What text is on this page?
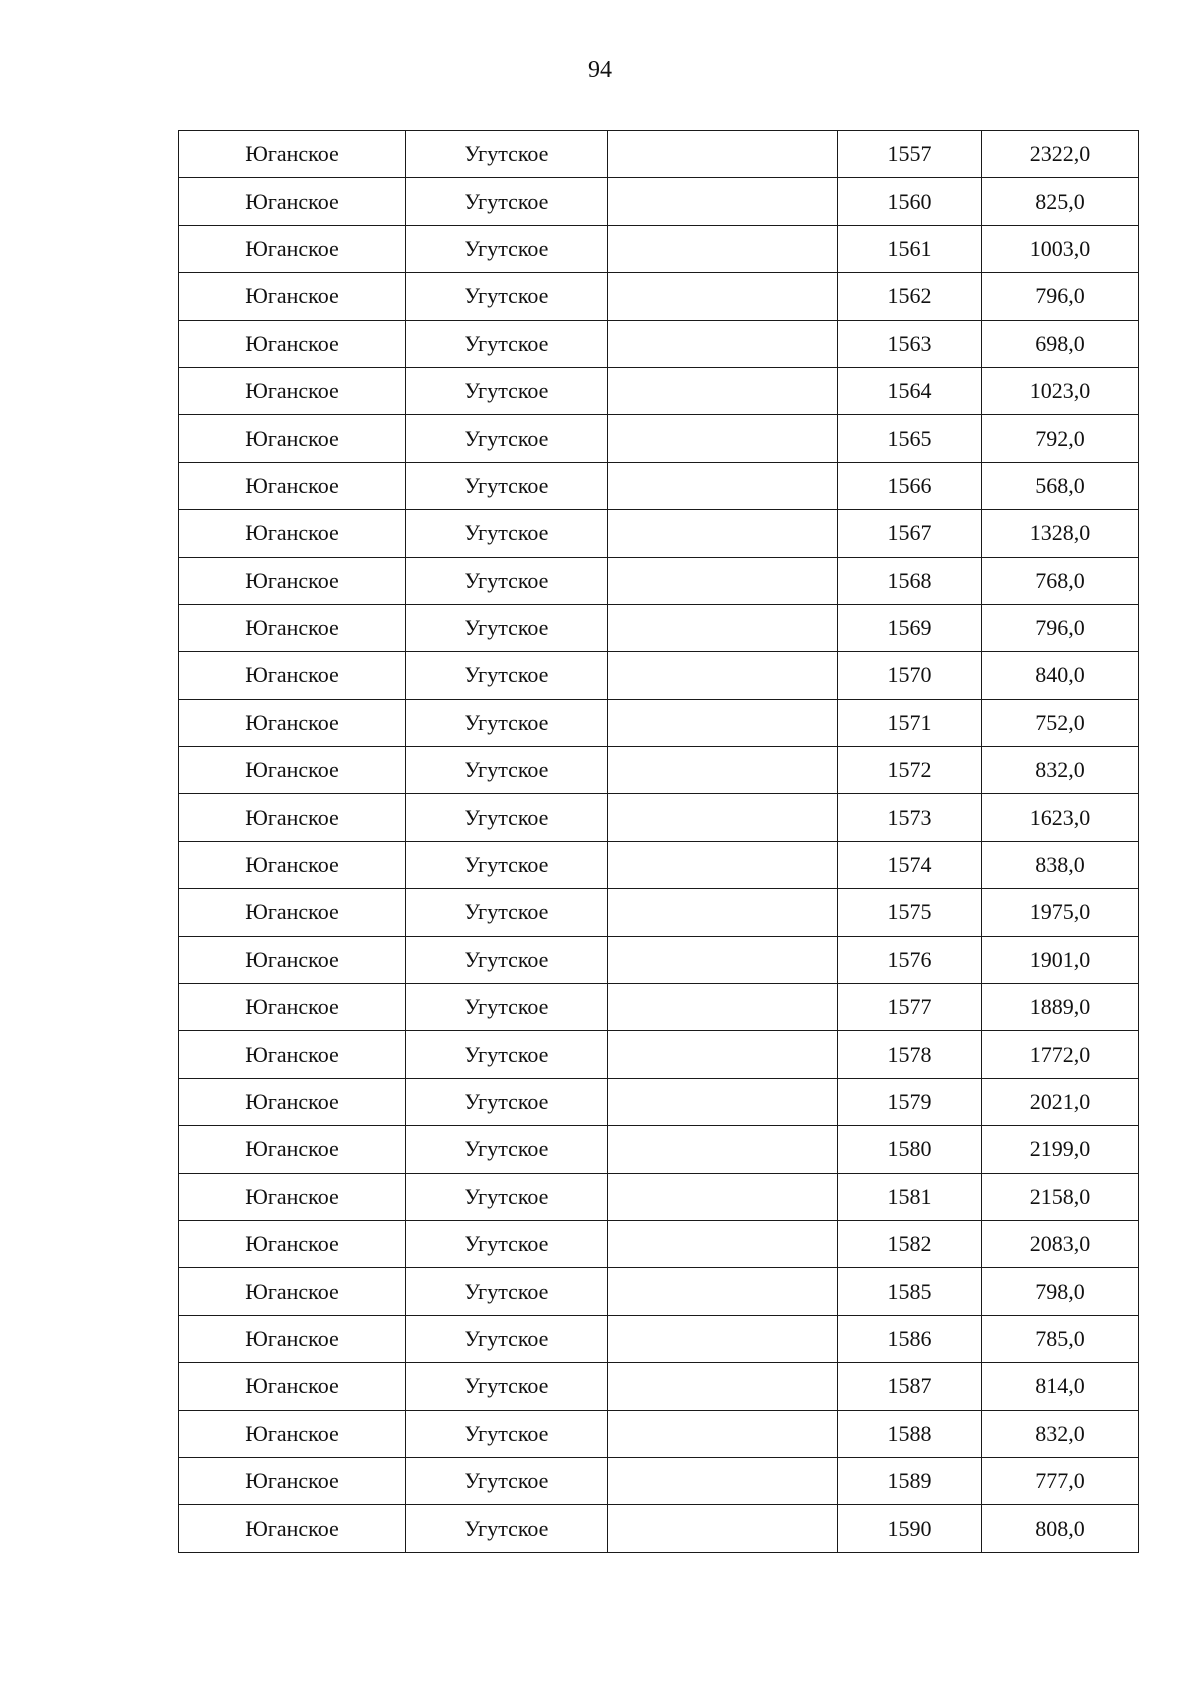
94
Юганское	Угутское		1557	2322,0
Юганское	Угутское		1560	825,0
Юганское	Угутское		1561	1003,0
Юганское	Угутское		1562	796,0
Юганское	Угутское		1563	698,0
Юганское	Угутское		1564	1023,0
Юганское	Угутское		1565	792,0
Юганское	Угутское		1566	568,0
Юганское	Угутское		1567	1328,0
Юганское	Угутское		1568	768,0
Юганское	Угутское		1569	796,0
Юганское	Угутское		1570	840,0
Юганское	Угутское		1571	752,0
Юганское	Угутское		1572	832,0
Юганское	Угутское		1573	1623,0
Юганское	Угутское		1574	838,0
Юганское	Угутское		1575	1975,0
Юганское	Угутское		1576	1901,0
Юганское	Угутское		1577	1889,0
Юганское	Угутское		1578	1772,0
Юганское	Угутское		1579	2021,0
Юганское	Угутское		1580	2199,0
Юганское	Угутское		1581	2158,0
Юганское	Угутское		1582	2083,0
Юганское	Угутское		1585	798,0
Юганское	Угутское		1586	785,0
Юганское	Угутское		1587	814,0
Юганское	Угутское		1588	832,0
Юганское	Угутское		1589	777,0
Юганское	Угутское		1590	808,0
